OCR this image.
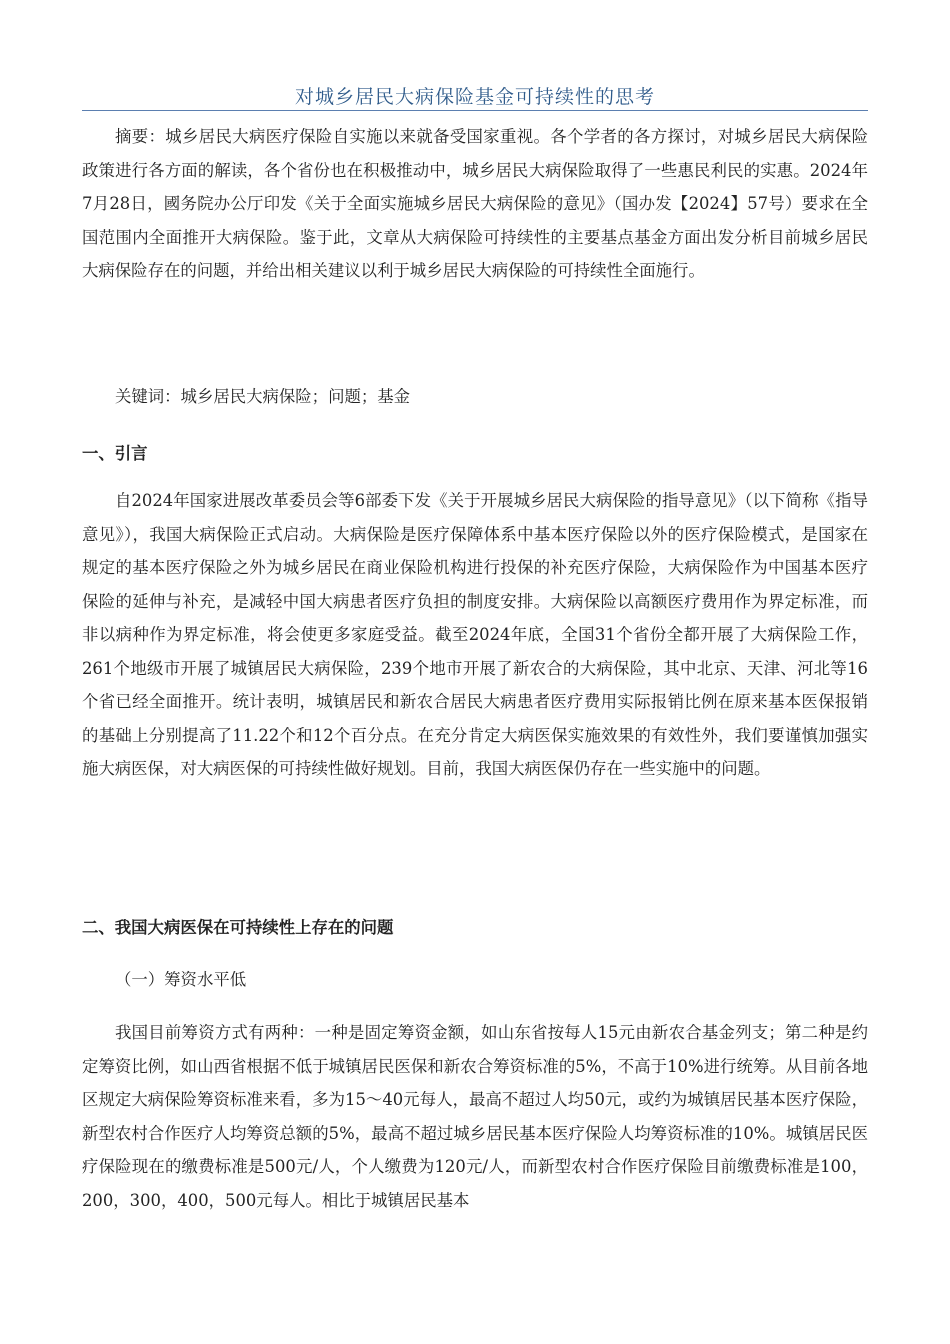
对城乡居民大病保险基金可持续性的思考

摘要：城乡居民大病医疗保险自实施以来就备受国家重视。各个学者的各方探讨，对城乡居民大病保险政策进行各方面的解读，各个省份也在积极推动中，城乡居民大病保险取得了一些惠民利民的实惠。2024年7月28日，國务院办公厅印发《关于全面实施城乡居民大病保险的意见》（国办发【2024】57号）要求在全国范围内全面推开大病保险。鉴于此，文章从大病保险可持续性的主要基点基金方面出发分析目前城乡居民大病保险存在的问题，并给出相关建议以利于城乡居民大病保险的可持续性全面施行。

关键词：城乡居民大病保险；问题；基金

一、引言

自2024年国家进展改革委员会等6部委下发《关于开展城乡居民大病保险的指导意见》（以下简称《指导意见》），我国大病保险正式启动。大病保险是医疗保障体系中基本医疗保险以外的医疗保险模式，是国家在规定的基本医疗保险之外为城乡居民在商业保险机构进行投保的补充医疗保险，大病保险作为中国基本医疗保险的延伸与补充，是减轻中国大病患者医疗负担的制度安排。大病保险以高额医疗费用作为界定标准，而非以病种作为界定标准，将会使更多家庭受益。截至2024年底，全国31个省份全都开展了大病保险工作，261个地级市开展了城镇居民大病保险，239个地市开展了新农合的大病保险，其中北京、天津、河北等16个省已经全面推开。统计表明，城镇居民和新农合居民大病患者医疗费用实际报销比例在原来基本医保报销的基础上分别提高了11.22个和12个百分点。在充分肯定大病医保实施效果的有效性外，我们要谨慎加强实施大病医保，对大病医保的可持续性做好规划。目前，我国大病医保仍存在一些实施中的问题。

二、我国大病医保在可持续性上存在的问题

（一）筹资水平低

我国目前筹资方式有两种：一种是固定筹资金额，如山东省按每人15元由新农合基金列支；第二种是约定筹资比例，如山西省根据不低于城镇居民医保和新农合筹资标准的5%，不高于10%进行统筹。从目前各地区规定大病保险筹资标准来看，多为15～40元每人，最高不超过人均50元，或约为城镇居民基本医疗保险，新型农村合作医疗人均筹资总额的5%，最高不超过城乡居民基本医疗保险人均筹资标准的10%。城镇居民医疗保险现在的缴费标准是500元/人，个人缴费为120元/人，而新型农村合作医疗保险目前缴费标准是100，200，300，400，500元每人。相比于城镇居民基本
